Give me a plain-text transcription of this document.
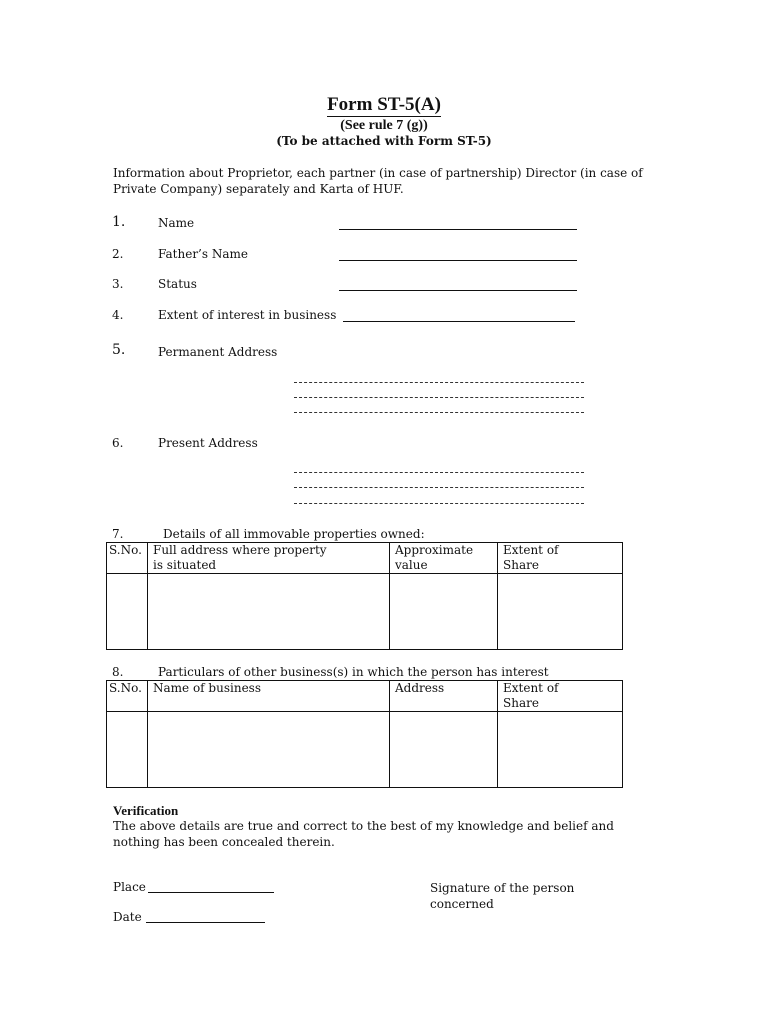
Form ST-5(A)
(See rule 7 (g))
(To be attached with Form ST-5)
Information about Proprietor, each partner (in case of partnership) Director (in case of Private Company) separately and Karta of HUF.
1.	Name
2.	Father’s Name
3.	Status
4.	Extent of interest in business
5.	Permanent Address
6.	Present Address
7.	Details of all immovable properties owned:
S.No.	Full address where property is situated	Approximate value	Extent of Share

8.	Particulars of other business(s) in which the person has interest
S.No.	Name of business	Address	Extent of Share

Verification
The above details are true and correct to the best of my knowledge and belief and nothing has been concealed therein.
Place
Date
Signature of the person concerned
